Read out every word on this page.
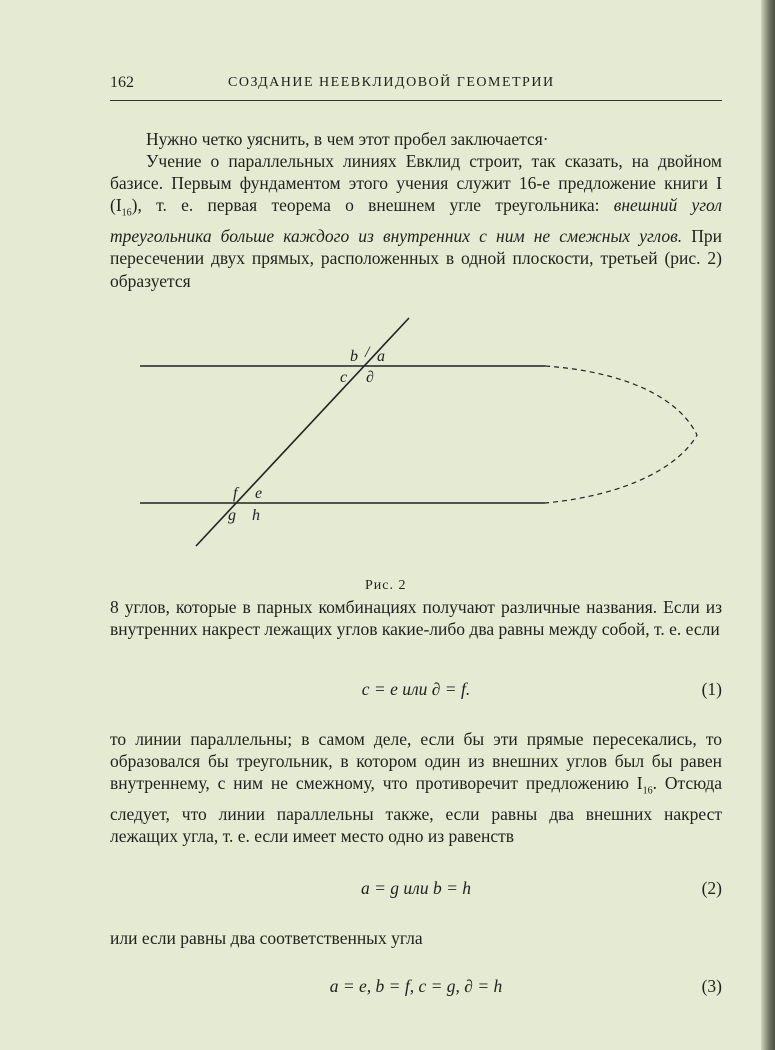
162	СОЗДАНИЕ НЕЕВКЛИДОВОЙ ГЕОМЕТРИИ
Нужно четко уяснить, в чем этот пробел заключается·
Учение о параллельных линиях Евклид строит, так сказать, на двойном базисе. Первым фундаментом этого учения служит 16-е предложение книги I $(I_{16})$, т. е. первая теорема о внешнем угле треугольника: внешний угол треугольника больше каждого из внутренних с ним не смежных углов. При пересечении двух прямых, расположенных в одной плоскости, третьей (рис. 2) образуется
b / a
c ∂
f e
g h
Рис. 2
8 углов, которые в парных комбинациях получают различные названия. Если из внутренних накрест лежащих углов какие-либо два равны между собой, т. е. если
c = e или ∂ = f.	(1)
то линии параллельны; в самом деле, если бы эти прямые пересекались, то образовался бы треугольник, в котором один из внешних углов был бы равен внутреннему, с ним не смежному, что противоречит предложению $I_{16}$. Отсюда следует, что линии параллельны также, если равны два внешних накрест лежащих угла, т. е. если имеет место одно из равенств
a = g или b = h	(2)
или если равны два соответственных угла
a = e, b = f, c = g, ∂ = h	(3)
